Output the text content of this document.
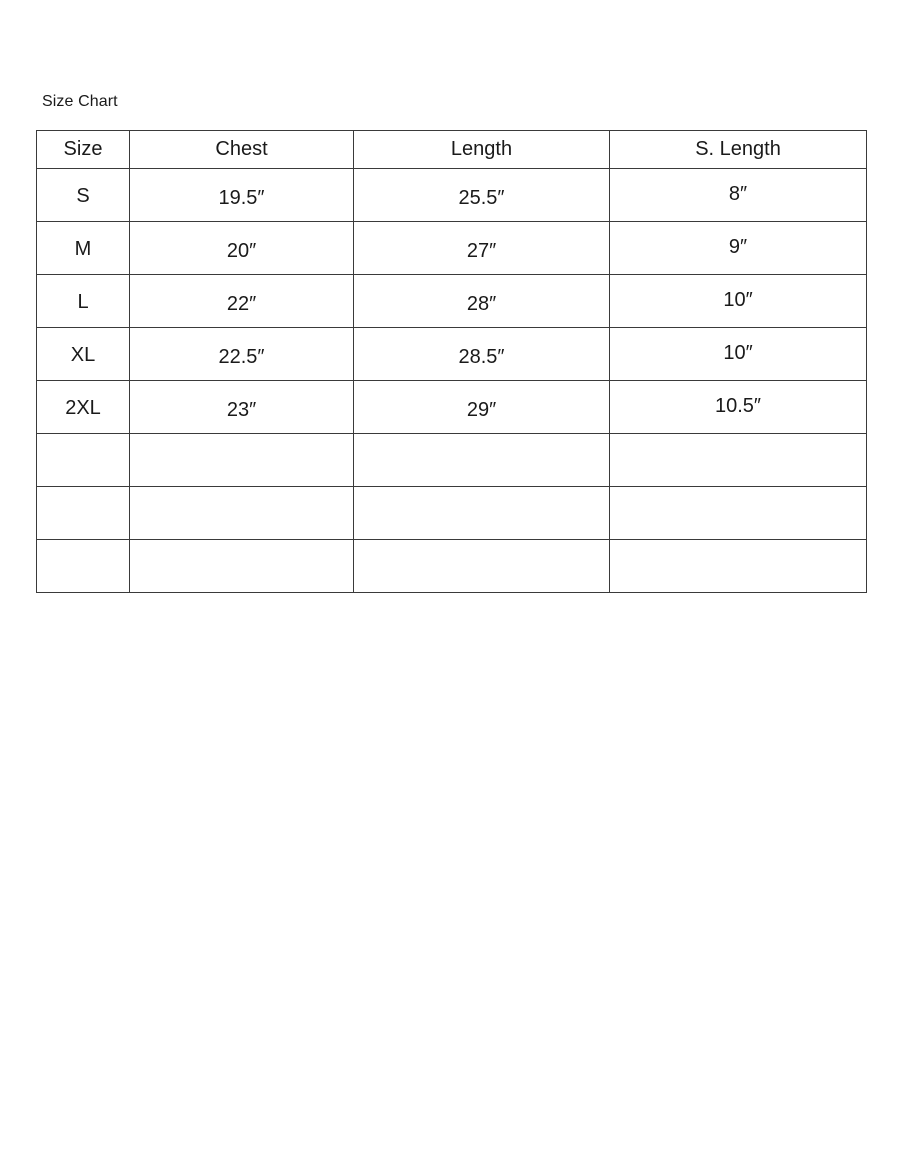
Size Chart
Size	Chest	Length	S. Length
S	19.5″	25.5″	8″
M	20″	27″	9″
L	22″	28″	10″
XL	22.5″	28.5″	10″
2XL	23″	29″	10.5″
